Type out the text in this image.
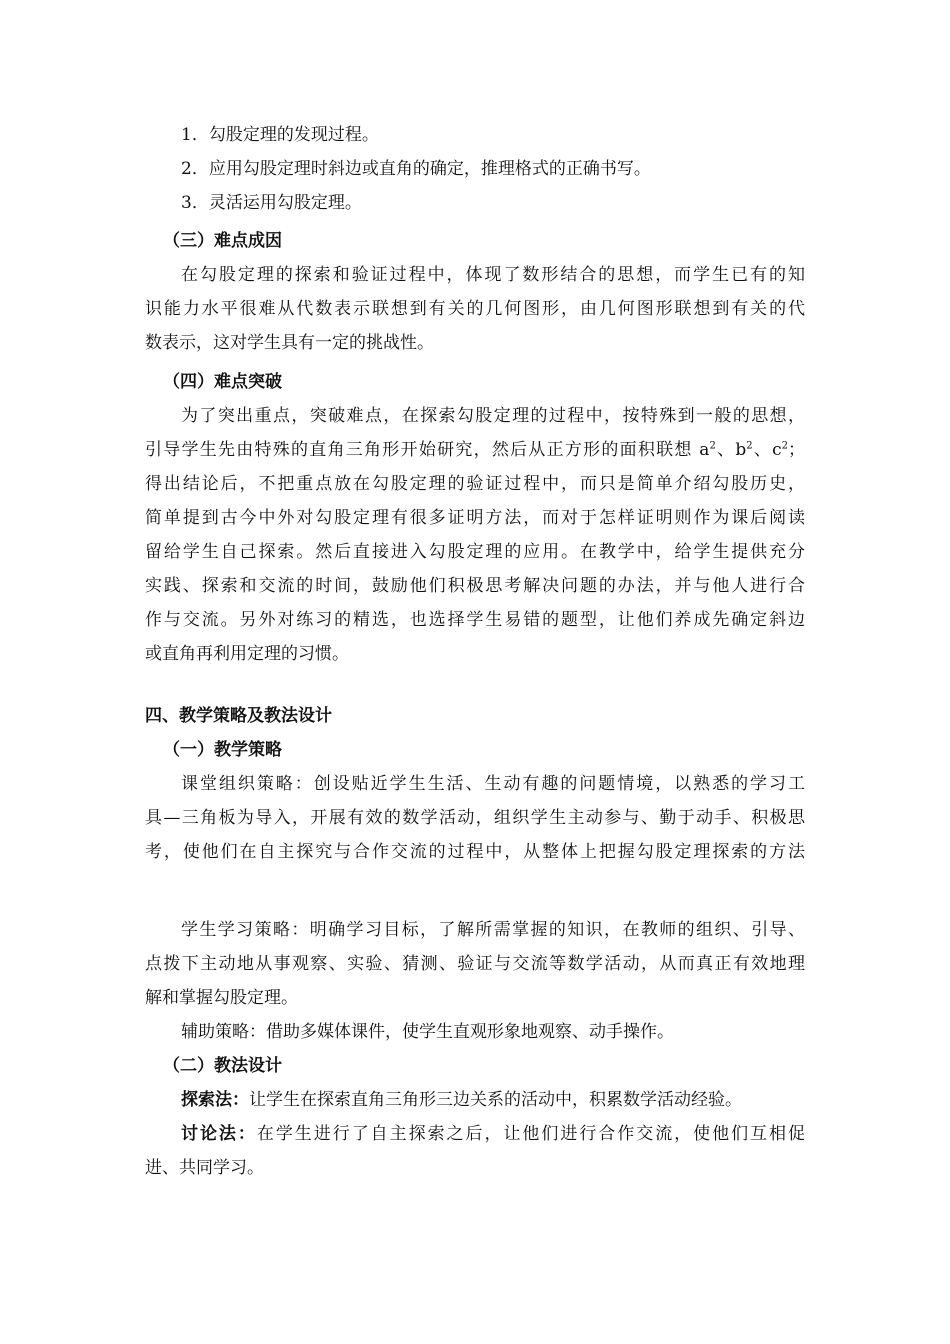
1．勾股定理的发现过程。
2．应用勾股定理时斜边或直角的确定，推理格式的正确书写。
3．灵活运用勾股定理。
（三）难点成因
在勾股定理的探索和验证过程中，体现了数形结合的思想，而学生已有的知
识能力水平很难从代数表示联想到有关的几何图形，由几何图形联想到有关的代
数表示，这对学生具有一定的挑战性。
（四）难点突破
为了突出重点，突破难点，在探索勾股定理的过程中，按特殊到一般的思想，
引导学生先由特殊的直角三角形开始研究，然后从正方形的面积联想 $a^2$、$b^2$、$c^2$；
得出结论后，不把重点放在勾股定理的验证过程中，而只是简单介绍勾股历史，
简单提到古今中外对勾股定理有很多证明方法，而对于怎样证明则作为课后阅读
留给学生自己探索。然后直接进入勾股定理的应用。在教学中，给学生提供充分
实践、探索和交流的时间，鼓励他们积极思考解决问题的办法，并与他人进行合
作与交流。另外对练习的精选，也选择学生易错的题型，让他们养成先确定斜边
或直角再利用定理的习惯。
四、教学策略及教法设计
（一）教学策略
课堂组织策略：创设贴近学生生活、生动有趣的问题情境，以熟悉的学习工
具—三角板为导入，开展有效的数学活动，组织学生主动参与、勤于动手、积极思
考，使他们在自主探究与合作交流的过程中，从整体上把握勾股定理探索的方法
学生学习策略：明确学习目标，了解所需掌握的知识，在教师的组织、引导、
点拨下主动地从事观察、实验、猜测、验证与交流等数学活动，从而真正有效地理
解和掌握勾股定理。
辅助策略：借助多媒体课件，使学生直观形象地观察、动手操作。
（二）教法设计
探索法：让学生在探索直角三角形三边关系的活动中，积累数学活动经验。
讨论法：在学生进行了自主探索之后，让他们进行合作交流，使他们互相促
进、共同学习。
